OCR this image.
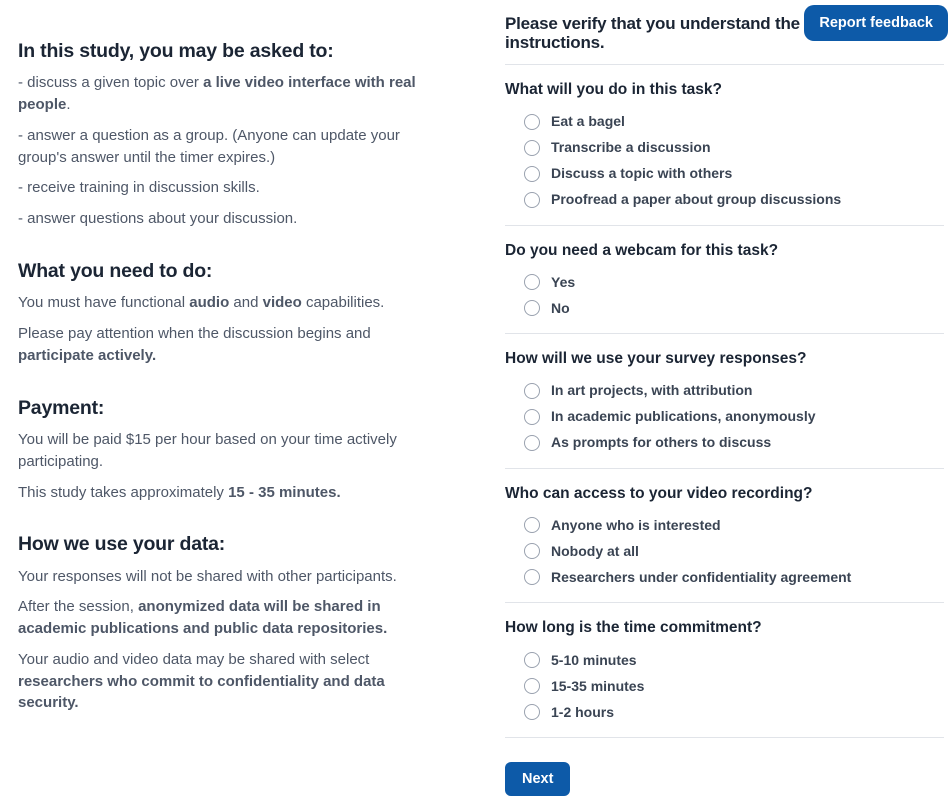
In this study, you may be asked to:

- discuss a given topic over a live video interface with real people.

- answer a question as a group. (Anyone can update your group's answer until the timer expires.)

- receive training in discussion skills.

- answer questions about your discussion.

What you need to do:

You must have functional audio and video capabilities.

Please pay attention when the discussion begins and participate actively.

Payment:

You will be paid $15 per hour based on your time actively participating.

This study takes approximately 15 - 35 minutes.

How we use your data:

Your responses will not be shared with other participants.

After the session, anonymized data will be shared in academic publications and public data repositories.

Your audio and video data may be shared with select researchers who commit to confidentiality and data security.

Please verify that you understand the instructions.
What will you do in this task?
Eat a bagel
Transcribe a discussion
Discuss a topic with others
Proofread a paper about group discussions
Do you need a webcam for this task?
Yes
No
How will we use your survey responses?
In art projects, with attribution
In academic publications, anonymously
As prompts for others to discuss
Who can access to your video recording?
Anyone who is interested
Nobody at all
Researchers under confidentiality agreement
How long is the time commitment?
5-10 minutes
15-35 minutes
1-2 hours
Next
Report feedback
